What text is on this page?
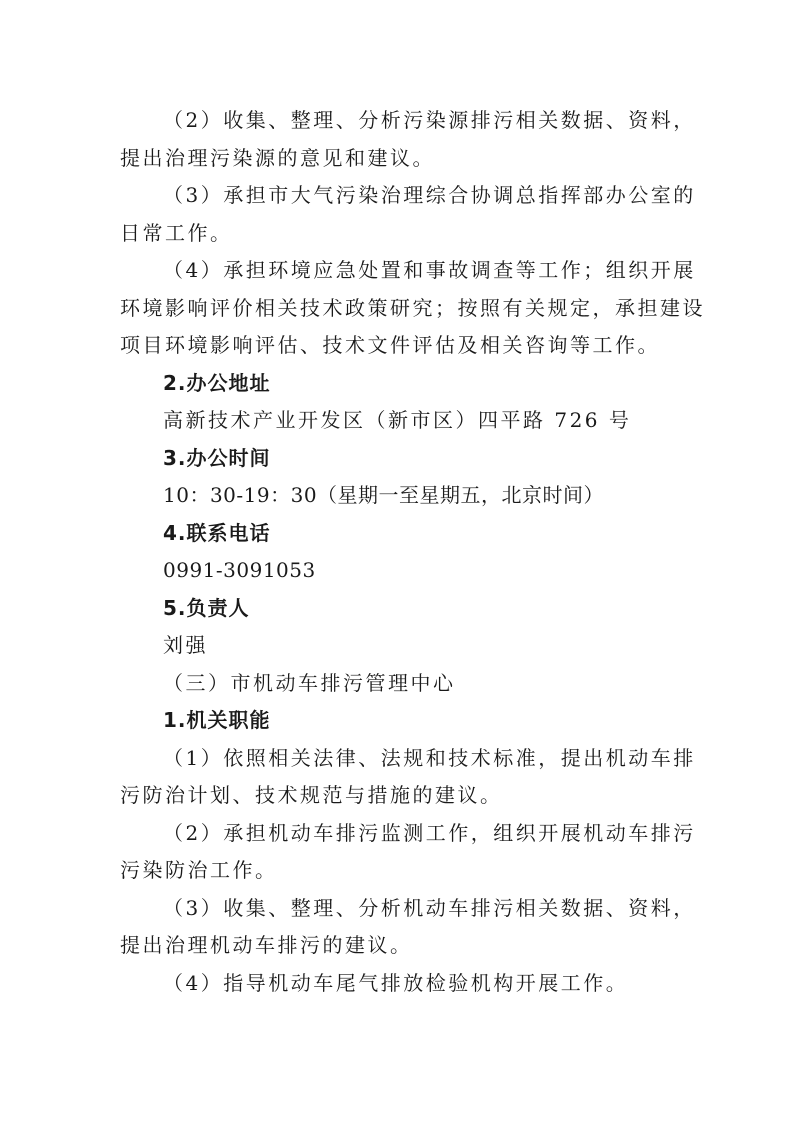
（2）收集、整理、分析污染源排污相关数据、资料，
提出治理污染源的意见和建议。
（3）承担市大气污染治理综合协调总指挥部办公室的
日常工作。
（4）承担环境应急处置和事故调查等工作；组织开展
环境影响评价相关技术政策研究；按照有关规定，承担建设
项目环境影响评估、技术文件评估及相关咨询等工作。
2.办公地址
高新技术产业开发区（新市区）四平路 726 号
3.办公时间
10：30-19：30（星期一至星期五，北京时间）
4.联系电话
0991-3091053
5.负责人
刘强
（三）市机动车排污管理中心
1.机关职能
（1）依照相关法律、法规和技术标准，提出机动车排
污防治计划、技术规范与措施的建议。
（2）承担机动车排污监测工作，组织开展机动车排污
污染防治工作。
（3）收集、整理、分析机动车排污相关数据、资料，
提出治理机动车排污的建议。
（4）指导机动车尾气排放检验机构开展工作。
